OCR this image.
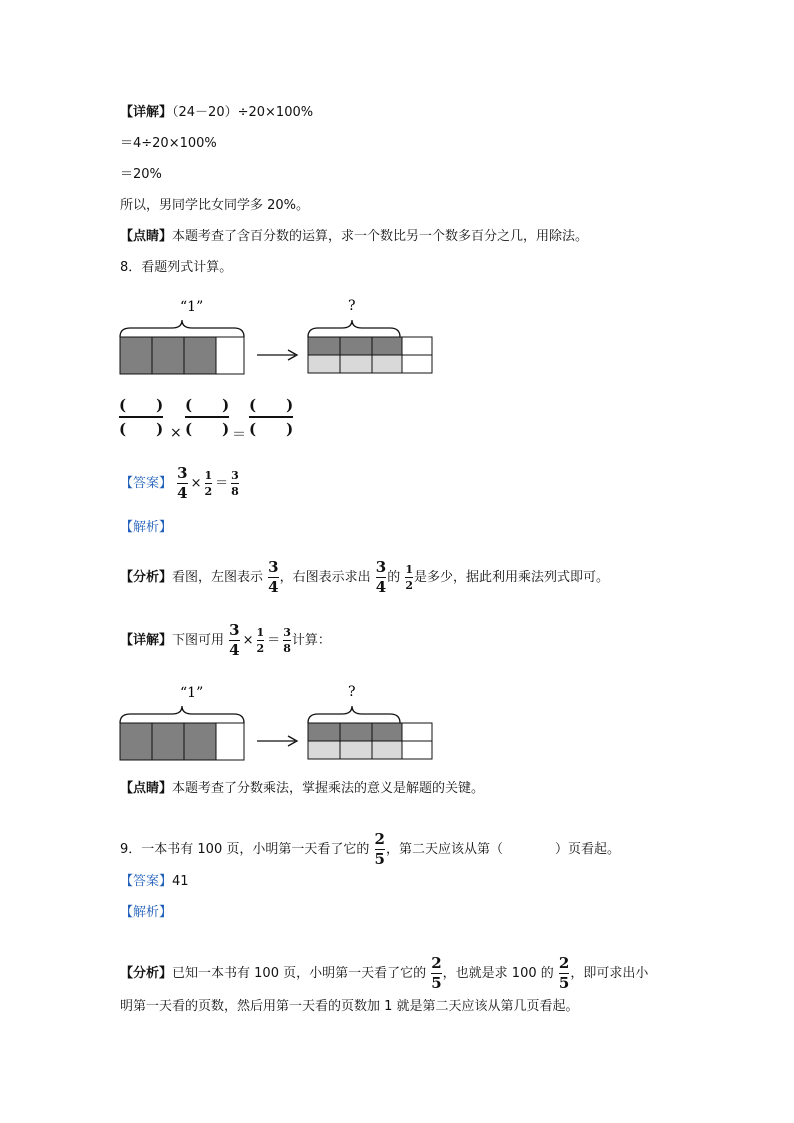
【详解】（24－20）÷20×100%
＝4÷20×100%
＝20%
所以，男同学比女同学多 20%。
【点睛】本题考查了含百分数的运算，求一个数比另一个数多百分之几，用除法。
8．看题列式计算。
“1”	?
(　　)
(　　) ×
(　　)
(　　) ＝
(　　)
(　　)
【答案】 $\frac{3}{4} \times \frac{1}{2} = \frac{3}{8}$
【解析】
【分析】看图，左图表示 $\frac{3}{4}$ ，右图表示求出 $\frac{3}{4}$ 的 $\frac{1}{2}$ 是多少，据此利用乘法列式即可。
【详解】下图可用 $\frac{3}{4} \times \frac{1}{2} = \frac{3}{8}$ 计算：
“1”	?
【点睛】本题考查了分数乘法，掌握乘法的意义是解题的关键。
9．一本书有 100 页，小明第一天看了它的 $\frac{2}{5}$ ，第二天应该从第（　　　　）页看起。
【答案】41
【解析】
【分析】已知一本书有 100 页，小明第一天看了它的 $\frac{2}{5}$ ，也就是求 100 的 $\frac{2}{5}$ ，即可求出小
明第一天看的页数，然后用第一天看的页数加 1 就是第二天应该从第几页看起。
